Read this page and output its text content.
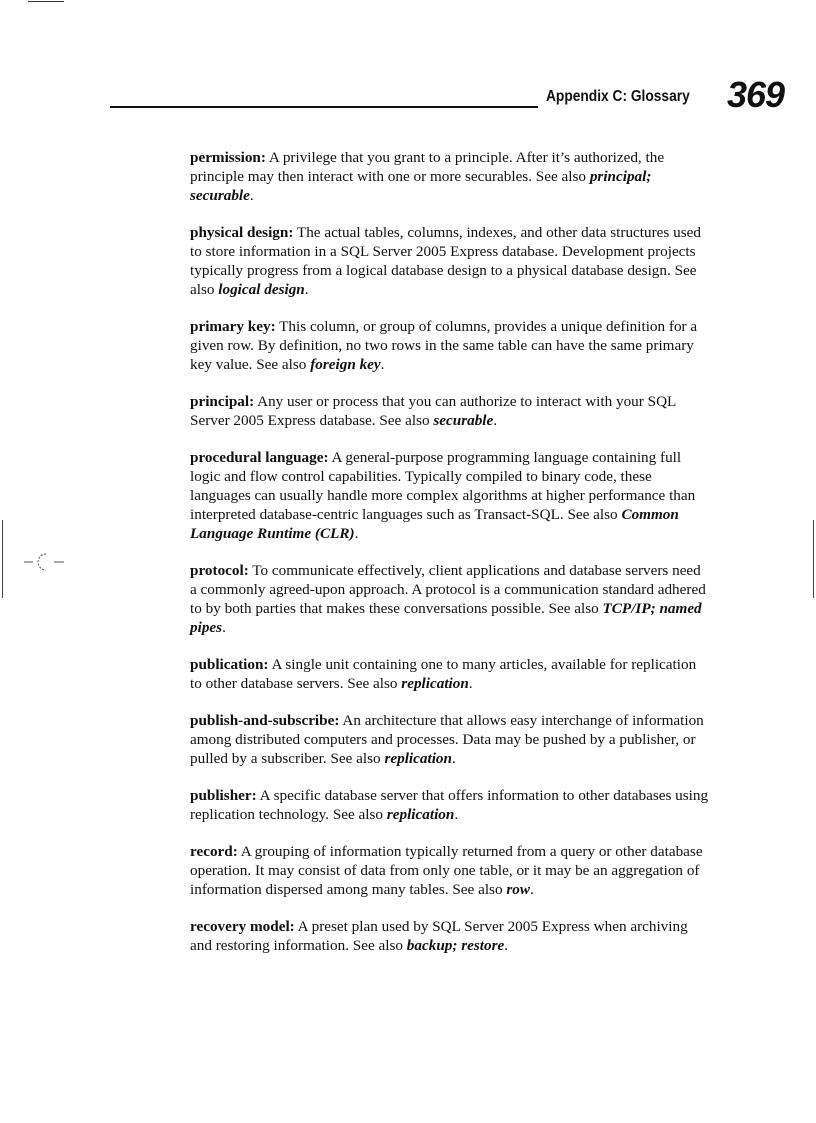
Appendix C: Glossary 369

permission: A privilege that you grant to a principle. After it’s authorized, the principle may then interact with one or more securables. See also principal; securable.

physical design: The actual tables, columns, indexes, and other data structures used to store information in a SQL Server 2005 Express database. Development projects typically progress from a logical database design to a physical database design. See also logical design.

primary key: This column, or group of columns, provides a unique definition for a given row. By definition, no two rows in the same table can have the same primary key value. See also foreign key.

principal: Any user or process that you can authorize to interact with your SQL Server 2005 Express database. See also securable.

procedural language: A general-purpose programming language containing full logic and flow control capabilities. Typically compiled to binary code, these languages can usually handle more complex algorithms at higher performance than interpreted database-centric languages such as Transact-SQL. See also Common Language Runtime (CLR).

protocol: To communicate effectively, client applications and database servers need a commonly agreed-upon approach. A protocol is a communication standard adhered to by both parties that makes these conversations possible. See also TCP/IP; named pipes.

publication: A single unit containing one to many articles, available for replication to other database servers. See also replication.

publish-and-subscribe: An architecture that allows easy interchange of information among distributed computers and processes. Data may be pushed by a publisher, or pulled by a subscriber. See also replication.

publisher: A specific database server that offers information to other databases using replication technology. See also replication.

record: A grouping of information typically returned from a query or other database operation. It may consist of data from only one table, or it may be an aggregation of information dispersed among many tables. See also row.

recovery model: A preset plan used by SQL Server 2005 Express when archiving and restoring information. See also backup; restore.
